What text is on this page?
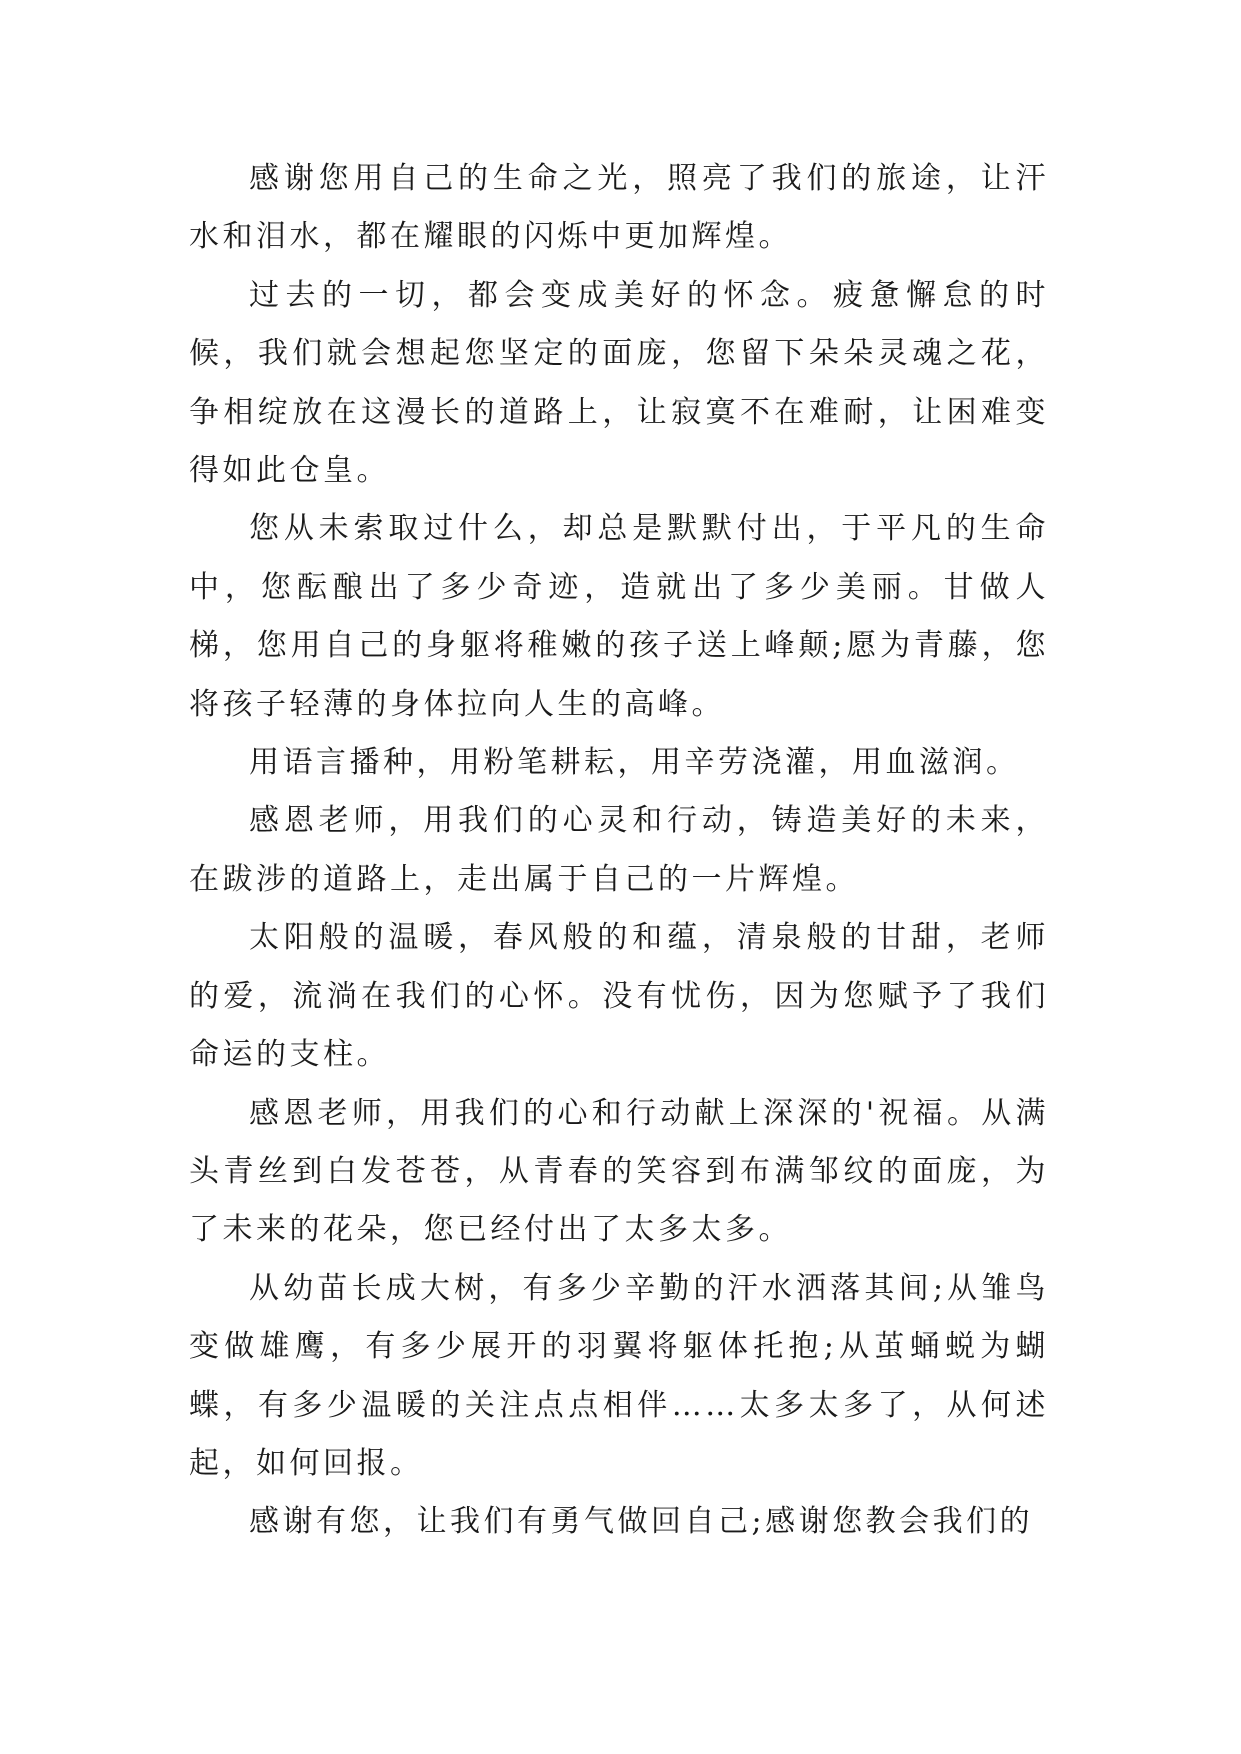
感谢您用自己的生命之光，照亮了我们的旅途，让汗水和泪水，都在耀眼的闪烁中更加辉煌。

过去的一切，都会变成美好的怀念。疲惫懈怠的时候，我们就会想起您坚定的面庞，您留下朵朵灵魂之花，争相绽放在这漫长的道路上，让寂寞不在难耐，让困难变得如此仓皇。

您从未索取过什么，却总是默默付出，于平凡的生命中，您酝酿出了多少奇迹，造就出了多少美丽。甘做人梯，您用自己的身躯将稚嫩的孩子送上峰颠;愿为青藤，您将孩子轻薄的身体拉向人生的高峰。

用语言播种，用粉笔耕耘，用辛劳浇灌，用血滋润。

感恩老师，用我们的心灵和行动，铸造美好的未来，在跋涉的道路上，走出属于自己的一片辉煌。

太阳般的温暖，春风般的和蕴，清泉般的甘甜，老师的爱，流淌在我们的心怀。没有忧伤，因为您赋予了我们命运的支柱。

感恩老师，用我们的心和行动献上深深的'祝福。从满头青丝到白发苍苍，从青春的笑容到布满邹纹的面庞，为了未来的花朵，您已经付出了太多太多。

从幼苗长成大树，有多少辛勤的汗水洒落其间;从雏鸟变做雄鹰，有多少展开的羽翼将躯体托抱;从茧蛹蜕为蝴蝶，有多少温暖的关注点点相伴……太多太多了，从何述起，如何回报。

感谢有您，让我们有勇气做回自己;感谢您教会我们的
